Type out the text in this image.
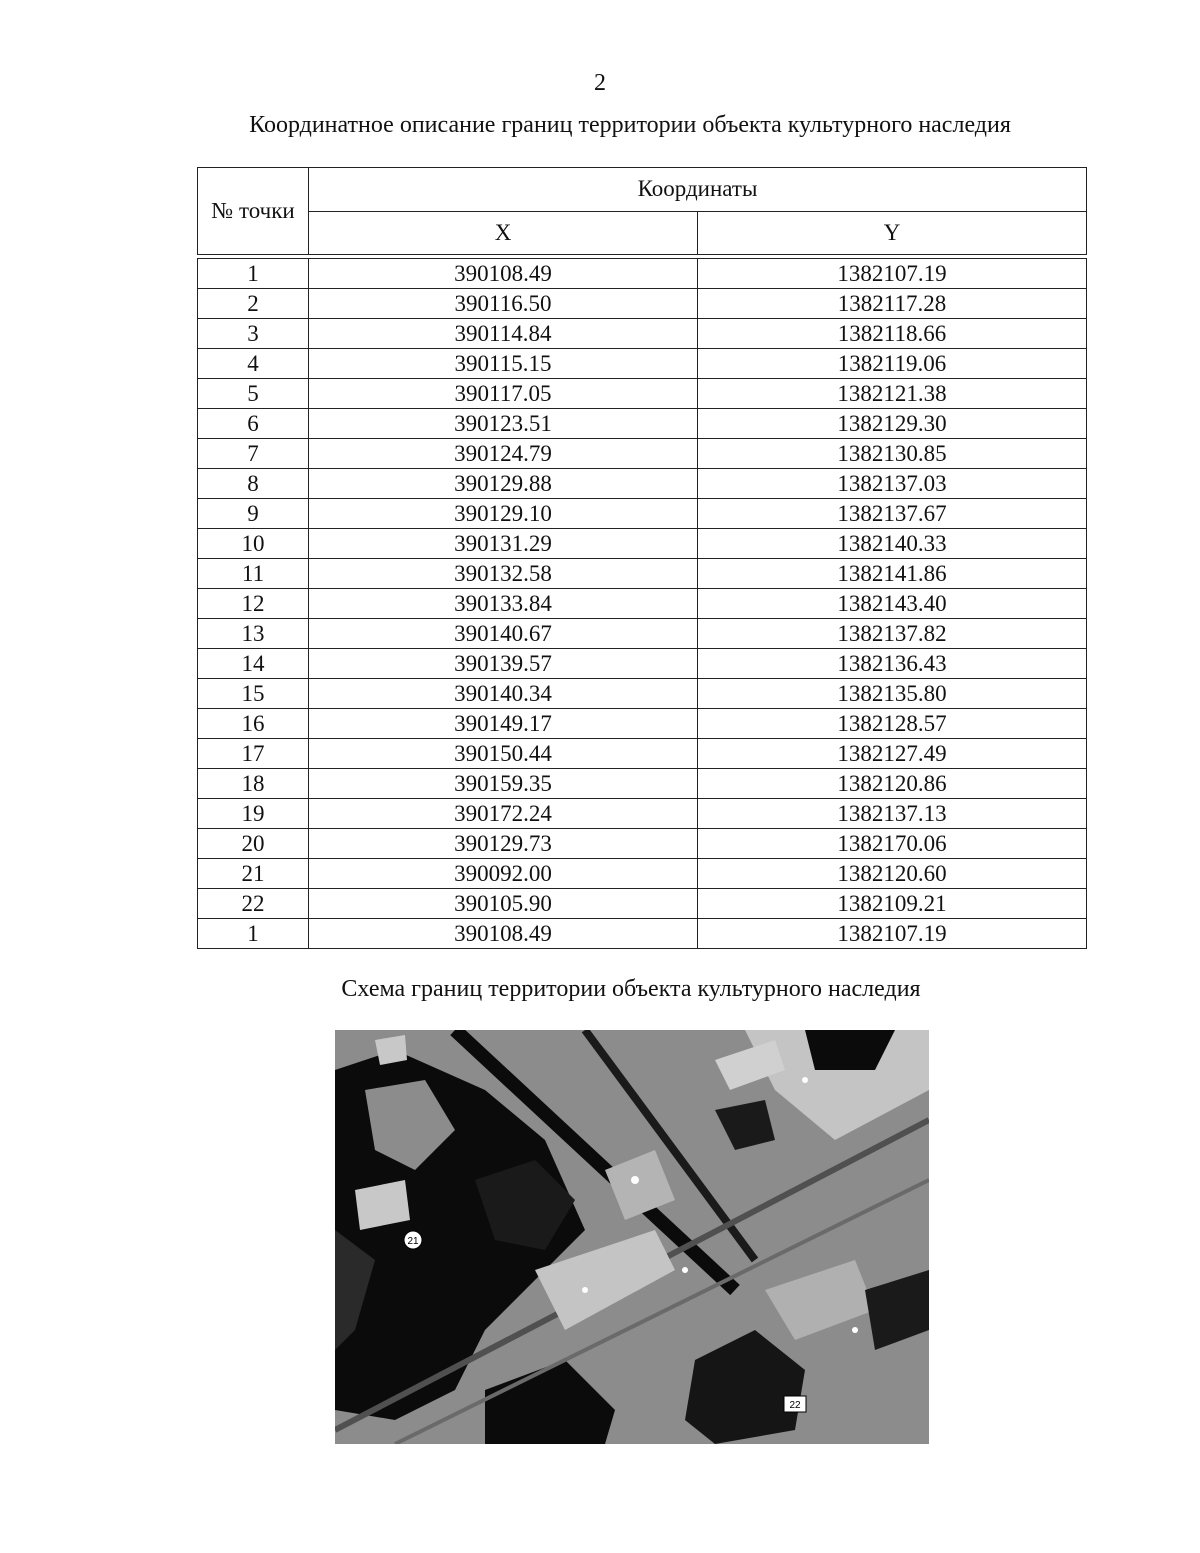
2
Координатное описание границ территории объекта культурного наследия
№ точки	Координаты	
	X	Y

1	390108.49	1382107.19
2	390116.50	1382117.28
3	390114.84	1382118.66
4	390115.15	1382119.06
5	390117.05	1382121.38
6	390123.51	1382129.30
7	390124.79	1382130.85
8	390129.88	1382137.03
9	390129.10	1382137.67
10	390131.29	1382140.33
11	390132.58	1382141.86
12	390133.84	1382143.40
13	390140.67	1382137.82
14	390139.57	1382136.43
15	390140.34	1382135.80
16	390149.17	1382128.57
17	390150.44	1382127.49
18	390159.35	1382120.86
19	390172.24	1382137.13
20	390129.73	1382170.06
21	390092.00	1382120.60
22	390105.90	1382109.21
1	390108.49	1382107.19
Схема границ территории объекта культурного наследия
21
22
